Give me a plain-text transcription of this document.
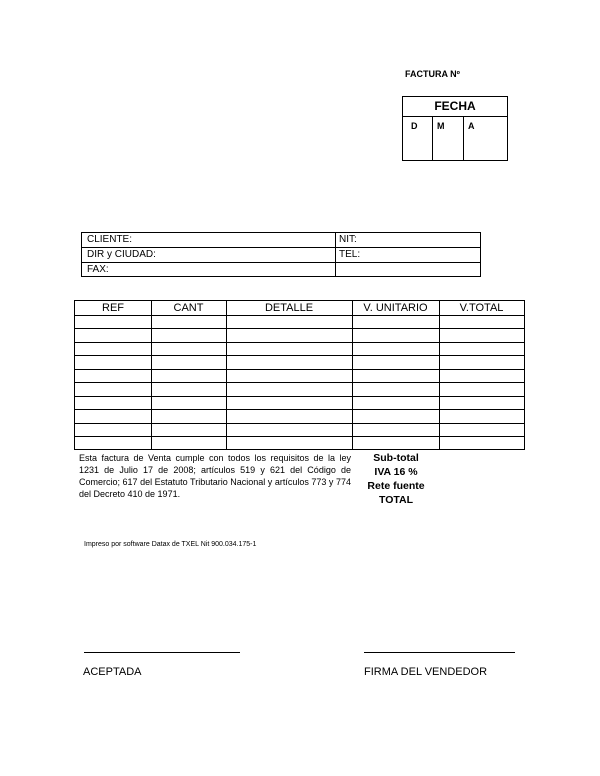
FACTURA Nº
FECHA
D	M	A
CLIENTE:	NIT:
DIR y CIUDAD:	TEL:
FAX:
REF	CANT	DETALLE	V. UNITARIO	V.TOTAL
Esta factura de Venta cumple con todos los requisitos de la ley 1231 de Julio 17 de 2008; artículos 519 y 621 del Código de Comercio; 617 del Estatuto Tributario Nacional y artículos 773 y 774 del Decreto 410 de 1971.
Sub-total
IVA 16 %
Rete fuente
TOTAL
Impreso por software Datax de TXEL Nit 900.034.175-1
ACEPTADA	FIRMA DEL VENDEDOR
